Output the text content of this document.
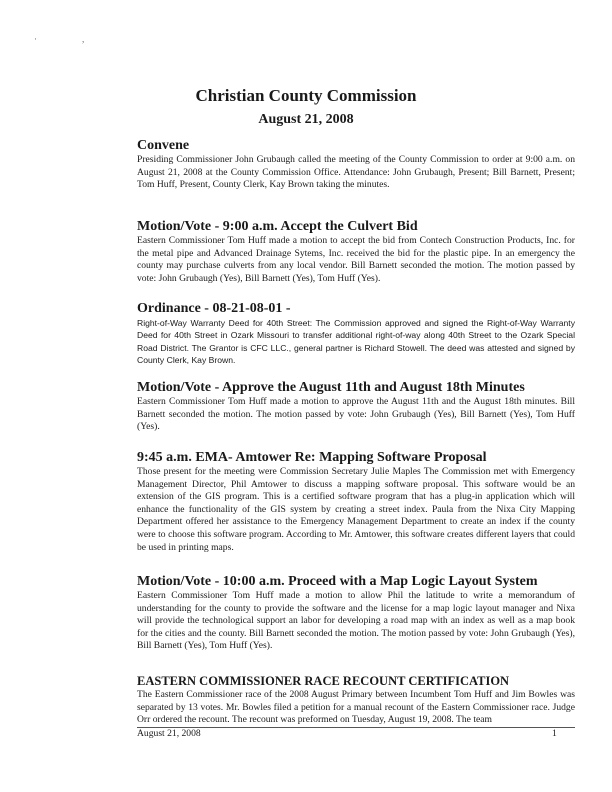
·                    ,
Christian County Commission
August 21, 2008

Convene

Presiding Commissioner John Grubaugh called the meeting of the County Commission to order at 9:00 a.m. on August 21, 2008 at the County Commission Office. Attendance: John Grubaugh, Present; Bill Barnett, Present; Tom Huff, Present, County Clerk, Kay Brown taking the minutes.

Motion/Vote - 9:00 a.m. Accept the Culvert Bid

Eastern Commissioner Tom Huff made a motion to accept the bid from Contech Construction Products, Inc. for the metal pipe and Advanced Drainage Sytems, Inc. received the bid for the plastic pipe. In an emergency the county may purchase culverts from any local vendor. Bill Barnett seconded the motion. The motion passed by vote: John Grubaugh (Yes), Bill Barnett (Yes), Tom Huff (Yes).

Ordinance - 08-21-08-01 -

Right-of-Way Warranty Deed for 40th Street: The Commission approved and signed the Right-of-Way Warranty Deed for 40th Street in Ozark Missouri to transfer additional right-of-way along 40th Street to the Ozark Special Road District. The Grantor is CFC LLC., general partner is Richard Stowell. The deed was attested and signed by County Clerk, Kay Brown.

Motion/Vote - Approve the August 11th and August 18th Minutes

Eastern Commissioner Tom Huff made a motion to approve the August 11th and the August 18th minutes. Bill Barnett seconded the motion. The motion passed by vote: John Grubaugh (Yes), Bill Barnett (Yes), Tom Huff (Yes).

9:45 a.m. EMA- Amtower Re: Mapping Software Proposal

Those present for the meeting were Commission Secretary Julie Maples The Commission met with Emergency Management Director, Phil Amtower to discuss a mapping software proposal. This software would be an extension of the GIS program. This is a certified software program that has a plug-in application which will enhance the functionality of the GIS system by creating a street index. Paula from the Nixa City Mapping Department offered her assistance to the Emergency Management Department to create an index if the county were to choose this software program. According to Mr. Amtower, this software creates different layers that could be used in printing maps.

Motion/Vote - 10:00 a.m. Proceed with a Map Logic Layout System

Eastern Commissioner Tom Huff made a motion to allow Phil the latitude to write a memorandum of understanding for the county to provide the software and the license for a map logic layout manager and Nixa will provide the technological support an labor for developing a road map with an index as well as a map book for the cities and the county. Bill Barnett seconded the motion. The motion passed by vote: John Grubaugh (Yes), Bill Barnett (Yes), Tom Huff (Yes).

EASTERN COMMISSIONER RACE RECOUNT CERTIFICATION

The Eastern Commissioner race of the 2008 August Primary between Incumbent Tom Huff and Jim Bowles was separated by 13 votes. Mr. Bowles filed a petition for a manual recount of the Eastern Commissioner race. Judge Orr ordered the recount. The recount was preformed on Tuesday, August 19, 2008. The team

August 21, 2008	1
